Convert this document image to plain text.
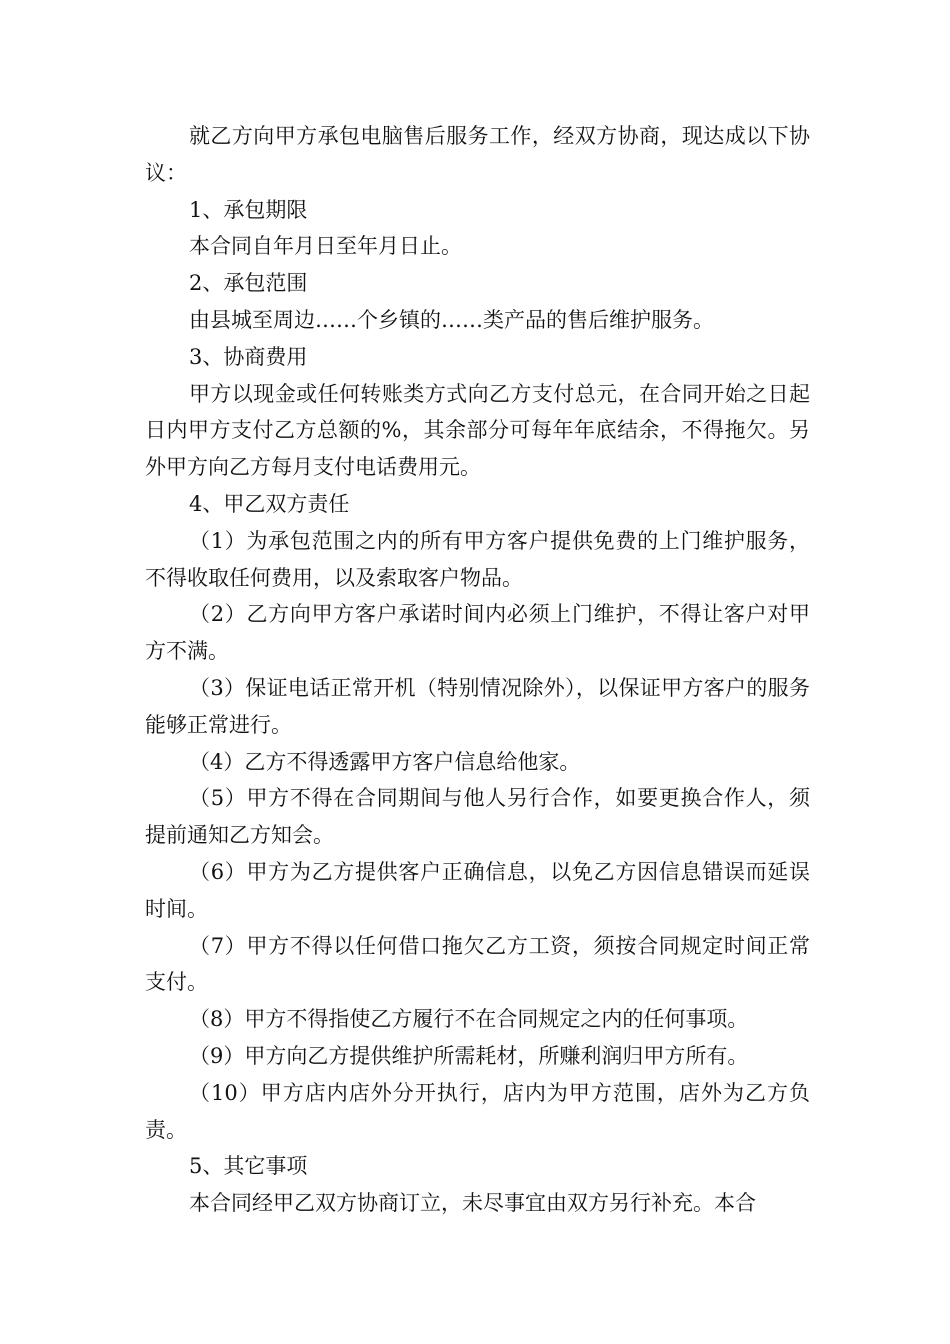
就乙方向甲方承包电脑售后服务工作，经双方协商，现达成以下协议：

1、承包期限

本合同自年月日至年月日止。

2、承包范围

由县城至周边……个乡镇的……类产品的售后维护服务。

3、协商费用

甲方以现金或任何转账类方式向乙方支付总元，在合同开始之日起日内甲方支付乙方总额的%，其余部分可每年年底结余，不得拖欠。另外甲方向乙方每月支付电话费用元。

4、甲乙双方责任

（1）为承包范围之内的所有甲方客户提供免费的上门维护服务，不得收取任何费用，以及索取客户物品。

（2）乙方向甲方客户承诺时间内必须上门维护，不得让客户对甲方不满。

（3）保证电话正常开机（特别情况除外），以保证甲方客户的服务能够正常进行。

（4）乙方不得透露甲方客户信息给他家。

（5）甲方不得在合同期间与他人另行合作，如要更换合作人，须提前通知乙方知会。

（6）甲方为乙方提供客户正确信息，以免乙方因信息错误而延误时间。

（7）甲方不得以任何借口拖欠乙方工资，须按合同规定时间正常支付。

（8）甲方不得指使乙方履行不在合同规定之内的任何事项。

（9）甲方向乙方提供维护所需耗材，所赚利润归甲方所有。

（10）甲方店内店外分开执行，店内为甲方范围，店外为乙方负责。

5、其它事项

本合同经甲乙双方协商订立，未尽事宜由双方另行补充。本合
